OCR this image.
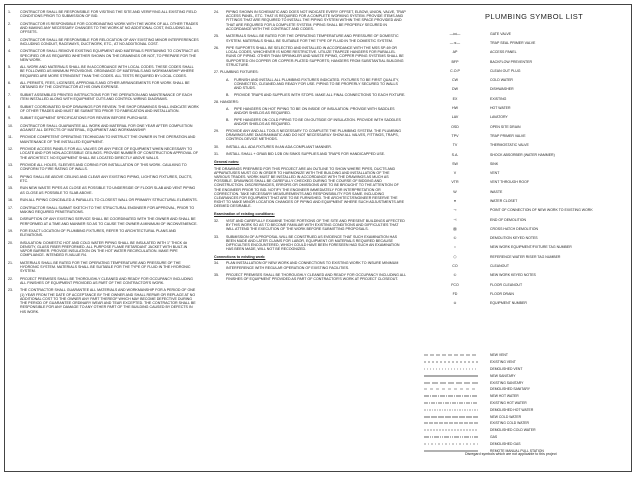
1.	CONTRACTOR SHALL BE RESPONSIBLE FOR VISITING THE SITE AND VERIFYING ALL EXISTING FIELD CONDITIONS PRIOR TO SUBMISSION OF BID.
2.	CONTRACTOR IS RESPONSIBLE FOR COORDINATING WORK WITH THE WORK OF ALL OTHER TRADES AND MAKING ANY NECESSARY CHANGES TO THE WORK AT NO ADDITIONAL COST, INCLUDING ALL OFFSETS.
3.	CONTRACTOR SHALL BE RESPONSIBLE FOR RELOCATION OF ANY EXISTING MINOR INTERFERENCES INCLUDING CONDUIT, RACEWAYS, DUCTWORK, ETC., AT NO ADDITIONAL COST.
4.	CONTRACTOR SHALL REMOVE EXISTING EQUIPMENT AND MATERIALS PERTAINING TO CONTRACT AS SPECIFIED OR AS REQUIRED WHETHER SHOWN ON THE DRAWINGS OR NOT, TO PREPARE FOR THE NEW WORK.
5.	ALL WORK AND MATERIALS SHALL BE IN ACCORDANCE WITH LOCAL CODES. THESE CODES SHALL BE FOLLOWED AS MINIMUM PROVISIONS. ORDINANCE OF MATERIALS AND WORKMANSHIP WHERE REQUIRED ARE MORE STRINGENT THAN THE CODES. ALL TESTS REQUIRED BY LOCAL CODES.
6.	ALL PERMITS, FEES, LICENSES, APPROVALS AND OTHER ARRANGEMENTS FOR WORK SHALL BE OBTAINED BY THE CONTRACTOR AT HIS OWN EXPENSE.
7.	SUBMIT ASSEMBLED PRINTED INSTRUCTIONS FOR THE OPERATION AND MAINTENANCE OF EACH ITEM INSTALLED ALONG WITH EQUIPMENT CUTS AND CONTROL WIRING DIAGRAMS.
8.	SUBMIT COORDINATED SHOP DRAWINGS FOR REVIEW. THE SHOP DRAWINGS SHALL INDICATE WORK OF OTHER TRADES AND MUST BE SUBMITTED PRIOR TO FABRICATION AND INSTALLATION.
9.	SUBMIT EQUIPMENT SPECIFICATIONS FOR REVIEW BEFORE PURCHASE.
10.	CONTRACTOR SHALL GUARANTEE ALL WORK AND MATERIAL FOR ONE YEAR AFTER COMPLETION AGAINST ALL DEFECTS OF MATERIAL, EQUIPMENT AND WORKMANSHIP.
11.	PROVIDE COMPETENT OPERATING TECHNICIAN TO INSTRUCT THE OWNER IN THE OPERATION AND MAINTENANCE OF THE INSTALLED EQUIPMENT.
12.	PROVIDE ACCESS PANELS FOR ALL VALVES OR ANY PIECE OF EQUIPMENT WHEN NECESSARY TO LOCATE AND FOR NON-ACCESSIBLE CEILINGS. PROVIDE NUMBER OF CONSTRUCTION APPROVAL OF THE ARCHITECT. NO EQUIPMENT SHALL BE LOCATED DIRECTLY ABOVE WALLS.
13.	PROVIDE ALL HOLES, SLEEVES AND CORING FOR INSTALLATION OF THIS WORK. CAULKING TO CONFORM TO FIRE RATING OF WALLS.
14.	PIPING SHALL BE ABOVE CEILING AND CLEAR ANY EXISTING PIPING, LIGHTING FIXTURES, DUCTS, ETC.
15.	RUN NEW WASTE PIPES AS CLOSE AS POSSIBLE TO UNDERSIDE OF FLOOR SLAB AND VENT PIPING AS CLOSE AS POSSIBLE TO SLAB ABOVE.
16.	RUN ALL PIPING CONCEALED & PARALLEL TO CLOSEST WALL OR PRIMARY STRUCTURAL ELEMENTS.
17.	CONTRACTOR SHALL SUBMIT SKETCH TO THE STRUCTURAL ENGINEER FOR APPROVAL, PRIOR TO MAKING REQUIRED PENETRATIONS.
18.	DISRUPTION OF ANY EXISTING SERVICE SHALL BE COORDINATED WITH THE OWNER AND SHALL BE PERFORMED AT A TIME AND MANNER SO AS TO CAUSE THE OWNER A MINIMUM OF INCONVENIENCE.
19.	FOR EXACT LOCATION OF PLUMBING FIXTURES, REFER TO ARCHITECTURAL PLANS AND ELEVATIONS.
20.	INSULATION: DOMESTIC HOT AND COLD WATER PIPING SHALL BE INSULATED WITH 1" THICK 4# DENSITY, GLASS FIBER PREFORMED. ALL PURPOSE FLAME RETARDANT JACKET WITH BUILT-IN VAPOR BARRIER. PROVIDE INSULATION ON THE HOT WATER RECIRCULATION. MAKE PIPE COMPLIANCE. INTENDED R-VALUE R4.
21.	MATERIALS SHALL BE RATED FOR THE OPERATING TEMPERATURE AND PRESSURE OF THE HYDRONIC SYSTEM. MATERIALS SHALL BE SUITABLE FOR THE TYPE OF FLUID IN THE HYDRONIC SYSTEM.
22.	PROJECT PREMISES SHALL BE THOROUGHLY CLEANED AND READY FOR OCCUPANCY INCLUDING ALL FINISHES OF EQUIPMENT PROVIDED AS PART OF THE CONTRACTOR'S WORK.
23.	THE CONTRACTOR SHALL GUARANTEE ALL MATERIALS AND WORKMANSHIP FOR A PERIOD OF ONE (1) YEAR FROM THE DATE OF ACCEPTANCE BY THE OWNER AND SHALL REPAIR OR REPLACE AT NO ADDITIONAL COST TO THE OWNER ANY PART THEREOF WHICH MAY BECOME DEFECTIVE DURING THE PERIOD OF GUARANTEE ORDINARY WEAR AND TEAR EXCEPTED. THE CONTRACTOR SHALL BE RESPONSIBLE FOR ANY DAMAGE TO ANY OTHER PART OF THE BUILDING CAUSED BY DEFECTS IN HIS WORK.
24.	PIPING SHOWN IN SCHEMATIC AND DOES NOT INDICATE EVERY OFFSET, ELBOW, UNION, VALVE, TRAP ACCESS PANEL, ETC. THAT IS REQUIRED FOR A COMPLETE WORKING SYSTEM. PROVIDE ITEMS AND FITTINGS THAT ARE REQUIRED TO INSTALL THE PIPING SYSTEM WITHIN THE SPACE PROVIDED AND THAT ARE REQUIRED FOR A COMPLETE SYSTEM. PIPING SHALL BE PROPERLY SECURED IN ACCORDANCE WITH THE CONTRACT AND CODES.
25.	MATERIALS SHALL BE RATED FOR THE OPERATING TEMPERATURE AND PRESSURE OF DOMESTIC SYSTEM. MATERIALS SHALL BE SUITABLE FOR THE TYPE OF FLUID IN THE DOMESTIC SYSTEM.
26.	PIPE SUPPORTS SHALL BE SELECTED AND INSTALLED IN ACCORDANCE WITH THE MSS SP-69 OR LOCAL CODES, WHICHEVER IS MORE RESTRICTIVE. UTILIZE TRAPEZE HANGERS FOR PARALLEL RUNS OF PIPING. OTHER THAN SPRINKLER AND WASTE PIPING, COPPER PIPING SYSTEMS SHALL BE SUPPORTED ON COPPER OR COPPER-PLATED SUPPORTS; HANGERS FROM SUBSTANTIAL BUILDING STRUCTURE.
27. PLUMBING FIXTURES:
A.	FURNISH AND INSTALL ALL PLUMBING FIXTURES INDICATED. FIXTURES TO BE FIRST QUALITY, CONNECTED, CLEANED AND READY FOR USE. PIPING TO BE PROPERLY SECURED TO WALLS AND STUDS.
B.	PROVIDE TRAPS AND SUPPLIES WITH STOPS. MAKE ALL FINAL CONNECTIONS TO EACH FIXTURE.
28. HANGERS:
A.	PIPE HANGERS ON HOT PIPING TO BE ON INSIDE OF INSULATION. PROVIDE WITH SADDLES AND/OR SHIELDS AS REQUIRED.
B.	PIPE HANGERS ON COLD PIPING TO BE ON OUTSIDE OF INSULATION. PROVIDE WITH SADDLES AND/OR SHIELDS AS REQUIRED.
29.	PROVIDE ANY AND ALL TOOLS NECESSARY TO COMPLETE THE PLUMBING SYSTEM. THE PLUMBING DRAWINGS ARE DIAGRAMMATIC AND DO NOT NECESSARILY SHOW ALL VALVES, FITTINGS, TRAPS, CONTROL DEVICE METHODS.
30.	INSTALL ALL ADA FIXTURES IN AN ADA COMPLIANT MANNER.
31.	INSTALL SHALL + GRAB BID 1/2B ON SINKS SUPPLIES AND TRAPS FOR HANDICAPPED USE.
General notes:
THE DRAWINGS PREPARED FOR THIS PROJECT ARE AN OUTLINE TO SHOW WHERE PIPES, DUCTS AND APPARATUSES MUST GO IN ORDER TO HARMONIZE WITH THE BUILDING AND INSTALLATION OF THE VARIOUS TRADES. WORK MUST BE INSTALLED IN ACCORDANCE WITH THE DRAWINGS AS MUCH AS POSSIBLE. DRAWINGS SHALL BE CAREFULLY CHECKED DURING THE COURSE OF BIDDING AND CONSTRUCTION. DISCREPANCIES, ERRORS OR OMISSIONS ARE TO BE BROUGHT TO THE ATTENTION OF THE ENGINEER PRIOR TO BID. NOTIFY THE ENGINEER IMMEDIATELY FOR INTERPRETATION OR CORRECTION. TAKE NECESSARY MEASUREMENTS AND RESPONSIBILITY FOR SAME. INCLUDING CLEARANCES FOR EQUIPMENT THAT ARE TO BE FURNISHED. THE ARCHITECT/ENGINEER RESERVE THE RIGHT TO MAKE MINOR LOCATION CHANGES OF PIPING AND EQUIPMENT WHERE SUCH ADJUSTMENTS ARE DEEMED DESIRABLE.
Examination of existing conditions:
32.	VISIT AND CAREFULLY EXAMINE THOSE PORTIONS OF THE SITE AND PRESENT BUILDINGS AFFECTED BY THIS WORK SO AS TO BECOME FAMILIAR WITH EXISTING CONDITIONS AND DIFFICULTIES THAT WILL ATTEND THE EXECUTION OF THE WORK BEFORE SUBMITTING PROPOSALS.
33.	SUBMISSION OF A PROPOSAL WILL BE CONSTRUED AS EVIDENCE THAT SUCH EXAMINATION HAS BEEN MADE AND LATER CLAIMS FOR LABOR, EQUIPMENT OR MATERIALS REQUIRED BECAUSE DIFFICULTIES ENCOUNTERED, WHICH COULD HAVE BEEN FORESEEN HAD SUCH AN EXAMINATION HAS BEEN MADE, WILL NOT BE RECOGNIZED.
Connections to existing work:
34.	PLAN INSTALLATION OF NEW WORK AND CONNECTIONS TO EXISTING WORK TO INSURE MINIMUM INTERFERENCE WITH REGULAR OPERATION OF EXISTING FACILITIES.
35.	PROJECT PREMISES SHALL BE THOROUGHLY CLEANED AND READY FOR OCCUPANCY INCLUDING ALL FINISHES OF EQUIPMENT PROVIDED AS PART OF CONTRACTOR'S WORK AT PROJECT CLOSEOUT.
PLUMBING SYMBOL LIST
—⋈—	GATE VALVE
—⊲—	TRAP SEAL PRIMER VALVE
AP	ACCESS PANEL
BFP	BACKFLOW PREVENTER
C.O.P	CLEAN OUT PLUG
CW	COLD WATER
DW	DISHWASHER
EX	EXISTING
HW	HOT WATER
LAV	LAVATORY
OSD	OPEN SITE DRAIN
TPV	TRAP PRIMER VALVE
TV	THERMOSTATIC VALVE
S.A.	SHOCK ABSORBER (WATER HAMMER)
SW	SINK
V	VENT
VTR	VENT THROUGH ROOF
W	WASTE
●	WATER CLOSET
⊸	POINT OF CONNECTION OF NEW WORK TO EXISTING WORK
⊣	END OF DEMOLITION
▨	CROSS HATCH DEMOLITION
①	DEMOLITION KEYED NOTES
○	NEW WORK EQUIPMENT/FIXTURE TAG NUMBER
⬡	REFERENCE WATER RISER TAG NUMBER
CO	CLEANOUT
①	NEW WORK KEYED NOTES
FCO	FLOOR CLEANOUT
FD	FLOOR DRAIN
⊙	EQUIPMENT NUMBER
NEW VENT
EXISTING VENT
DEMOLISHED VENT
NEW SANITARY
EXISTING SANITARY
DEMOLISHED SANITARY
NEW HOT WATER
EXISTING HOT WATER
DEMOLISHED HOT WATER
NEW COLD WATER
EXISTING COLD WATER
DEMOLISHED COLD WATER
GAS
DEMOLISHED GAS
REMOTE MANUAL PULL STATION
Disregard symbols which are not applicable to this project
